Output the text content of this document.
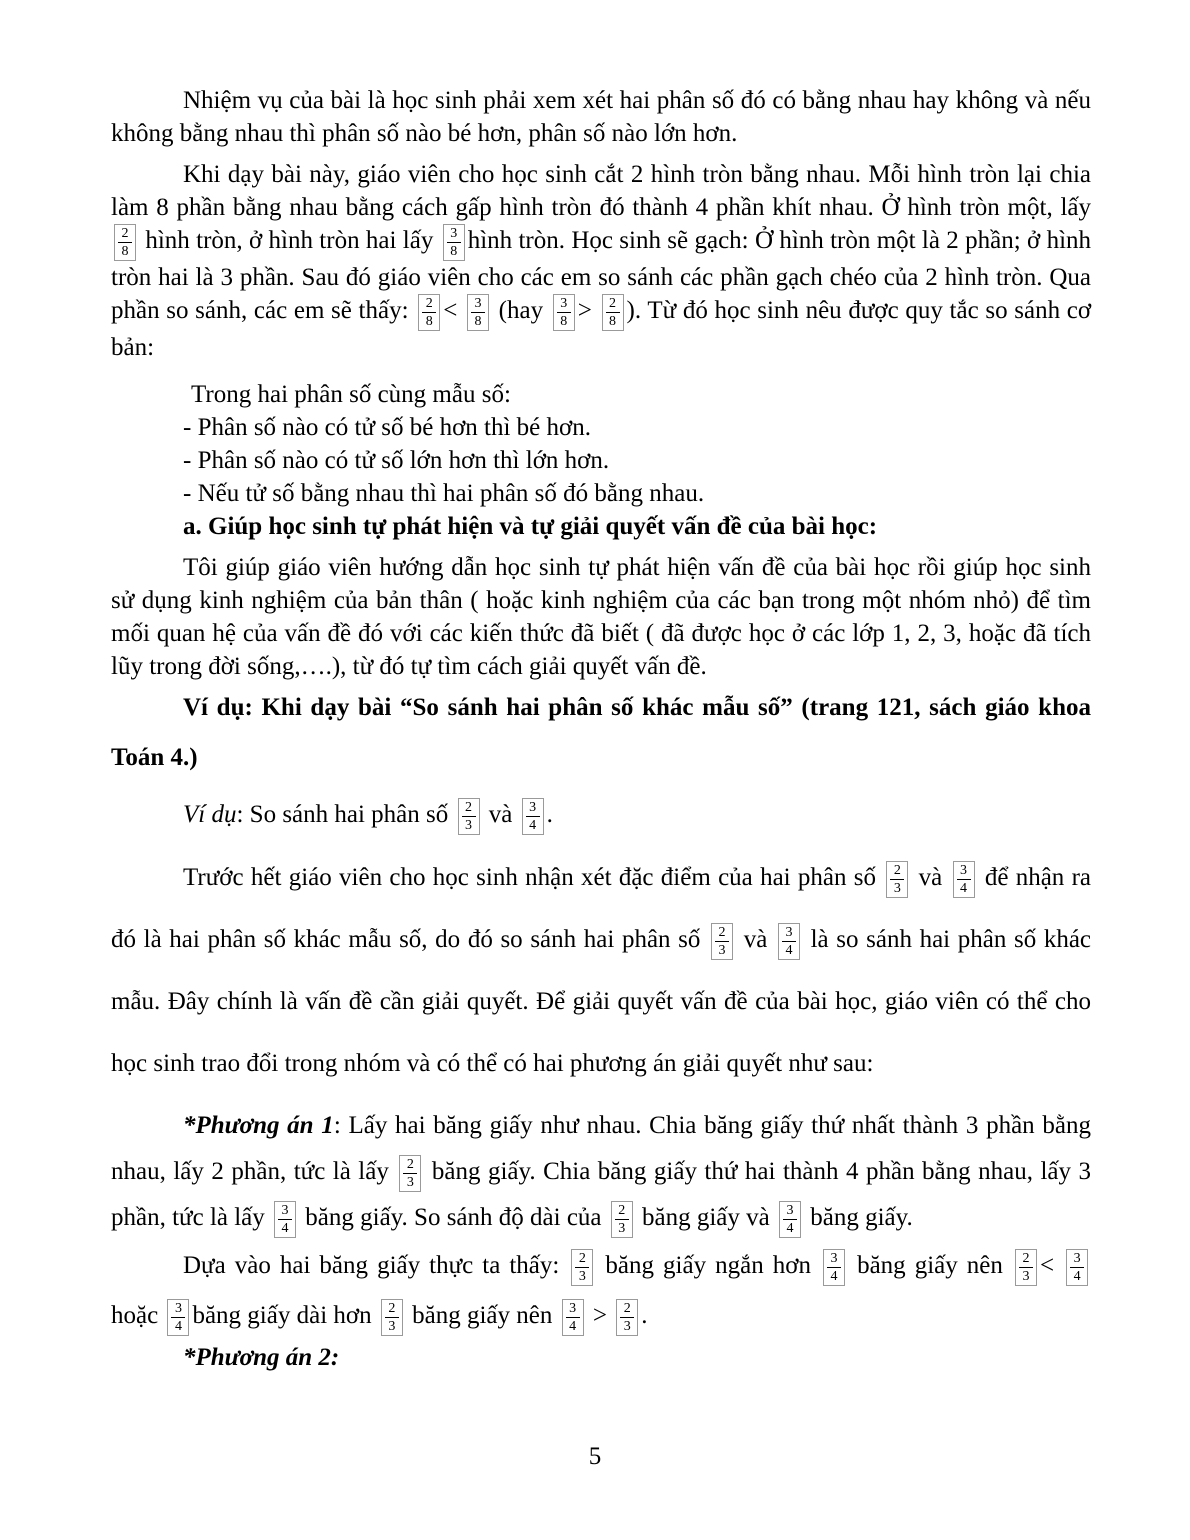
Nhiệm vụ của bài là học sinh phải xem xét hai phân số đó có bằng nhau hay không và nếu không bằng nhau thì phân số nào bé hơn, phân số nào lớn hơn.

Khi dạy bài này, giáo viên cho học sinh cắt 2 hình tròn bằng nhau. Mỗi hình tròn lại chia làm 8 phần bằng nhau bằng cách gấp hình tròn đó thành 4 phần khít nhau. Ở hình tròn một, lấy
$\frac{2}{8}$ hình tròn, ở hình tròn hai lấy $\frac{3}{8}$ hình tròn. Học sinh sẽ gạch: Ở hình tròn một là 2 phần; ở hình tròn hai là 3 phần. Sau đó giáo viên cho các em so sánh các phần gạch chéo của 2 hình tròn. Qua phần so sánh, các em sẽ thấy: $\frac{2}{8} < \frac{3}{8} (hay \frac{3}{8} > \frac{2}{8}$ ). Từ đó học sinh nêu được quy tắc so sánh cơ bản:

Trong hai phân số cùng mẫu số:
- Phân số nào có tử số bé hơn thì bé hơn.
- Phân số nào có tử số lớn hơn thì lớn hơn.
- Nếu tử số bằng nhau thì hai phân số đó bằng nhau.

a. Giúp học sinh tự phát hiện và tự giải quyết vấn đề của bài học:

Tôi giúp giáo viên hướng dẫn học sinh tự phát hiện vấn đề của bài học rồi giúp học sinh sử dụng kinh nghiệm của bản thân ( hoặc kinh nghiệm của các bạn trong một nhóm nhỏ) để tìm mối quan hệ của vấn đề đó với các kiến thức đã biết ( đã được học ở các lớp 1, 2, 3, hoặc đã tích lũy trong đời sống,….), từ đó tự tìm cách giải quyết vấn đề.

Ví dụ: Khi dạy bài “So sánh hai phân số khác mẫu số” (trang 121, sách giáo khoa Toán 4.)

Ví dụ: So sánh hai phân số $\frac{2}{3}$ và $\frac{3}{4}$ .

Trước hết giáo viên cho học sinh nhận xét đặc điểm của hai phân số $\frac{2}{3}$ và $\frac{3}{4}$ để nhận ra đó là hai phân số khác mẫu số, do đó so sánh hai phân số $\frac{2}{3}$ và $\frac{3}{4}$ là so sánh hai phân số khác mẫu. Đây chính là vấn đề cần giải quyết. Để giải quyết vấn đề của bài học, giáo viên có thể cho học sinh trao đổi trong nhóm và có thể có hai phương án giải quyết như sau:

*Phương án 1: Lấy hai băng giấy như nhau. Chia băng giấy thứ nhất thành 3 phần bằng nhau, lấy 2 phần, tức là lấy $\frac{2}{3}$ băng giấy. Chia băng giấy thứ hai thành 4 phần bằng nhau, lấy 3 phần, tức là lấy $\frac{3}{4}$ băng giấy. So sánh độ dài của $\frac{2}{3}$ băng giấy và $\frac{3}{4}$ băng giấy.

Dựa vào hai băng giấy thực ta thấy: $\frac{2}{3}$ băng giấy ngắn hơn $\frac{3}{4}$ băng giấy nên $\frac{2}{3} < \frac{3}{4}$
hoặc $\frac{3}{4}$ băng giấy dài hơn $\frac{2}{3}$ băng giấy nên $\frac{3}{4} > \frac{2}{3}$ .

*Phương án 2:

5
